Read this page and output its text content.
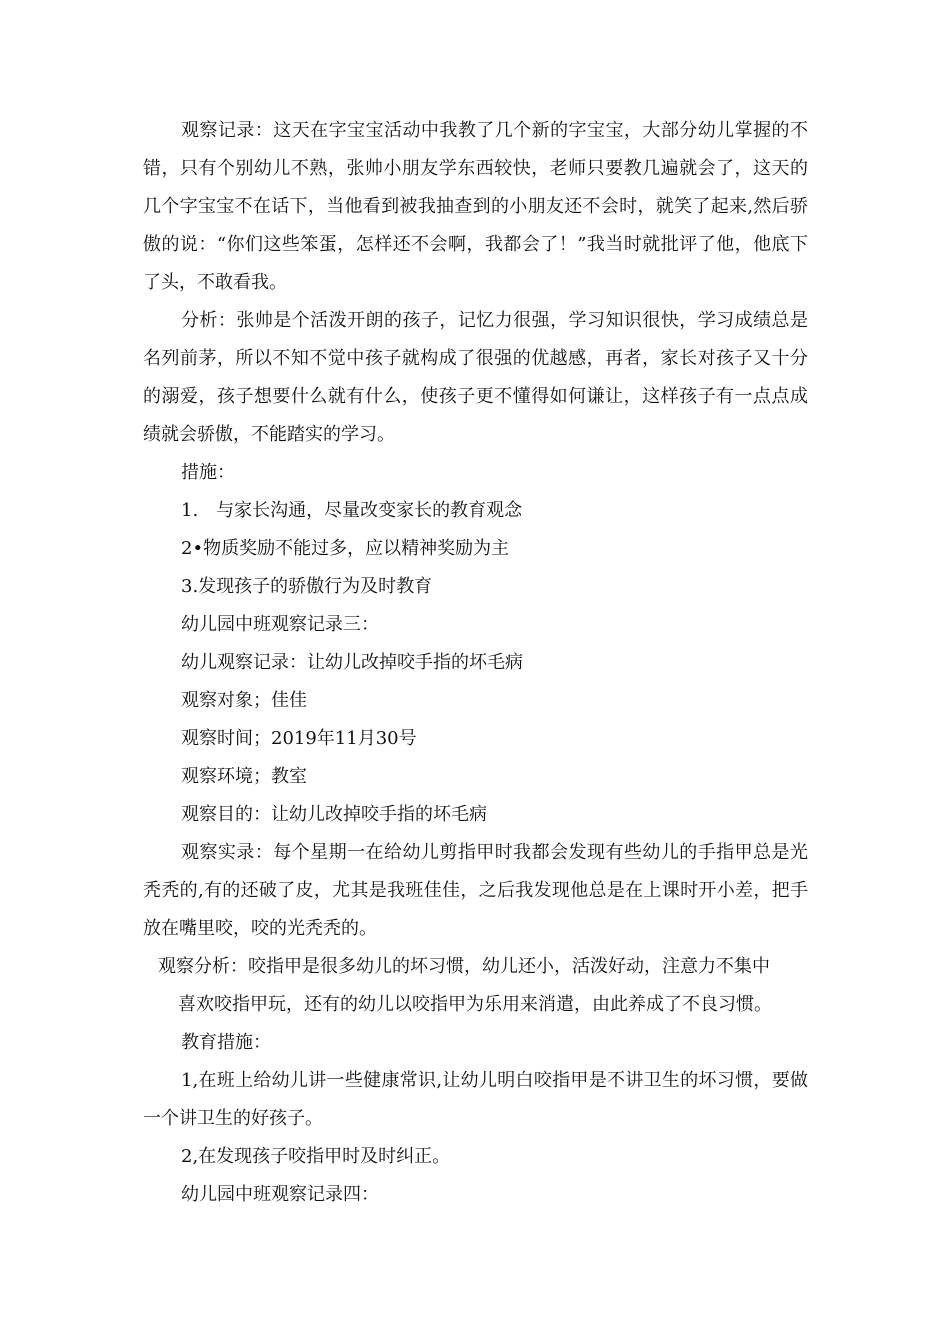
观察记录：这天在字宝宝活动中我教了几个新的字宝宝，大部分幼儿掌握的不错，只有个别幼儿不熟，张帅小朋友学东西较快，老师只要教几遍就会了，这天的几个字宝宝不在话下，当他看到被我抽查到的小朋友还不会时，就笑了起来,然后骄傲的说：“你们这些笨蛋，怎样还不会啊，我都会了！”我当时就批评了他，他底下了头，不敢看我。

分析：张帅是个活泼开朗的孩子，记忆力很强，学习知识很快，学习成绩总是名列前茅，所以不知不觉中孩子就构成了很强的优越感，再者，家长对孩子又十分的溺爱，孩子想要什么就有什么，使孩子更不懂得如何谦让，这样孩子有一点点成绩就会骄傲，不能踏实的学习。

措施：

1.　与家长沟通，尽量改变家长的教育观念

2•物质奖励不能过多，应以精神奖励为主

3.发现孩子的骄傲行为及时教育

幼儿园中班观察记录三：

幼儿观察记录：让幼儿改掉咬手指的坏毛病

观察对象；佳佳

观察时间；2019年11月30号

观察环境；教室

观察目的：让幼儿改掉咬手指的坏毛病

观察实录：每个星期一在给幼儿剪指甲时我都会发现有些幼儿的手指甲总是光秃秃的,有的还破了皮，尤其是我班佳佳，之后我发现他总是在上课时开小差，把手放在嘴里咬，咬的光秃秃的。

观察分析：咬指甲是很多幼儿的坏习惯，幼儿还小，活泼好动，注意力不集中

喜欢咬指甲玩，还有的幼儿以咬指甲为乐用来消遣，由此养成了不良习惯。

教育措施：

1,在班上给幼儿讲一些健康常识,让幼儿明白咬指甲是不讲卫生的坏习惯，要做一个讲卫生的好孩子。

2,在发现孩子咬指甲时及时纠正。

幼儿园中班观察记录四：
